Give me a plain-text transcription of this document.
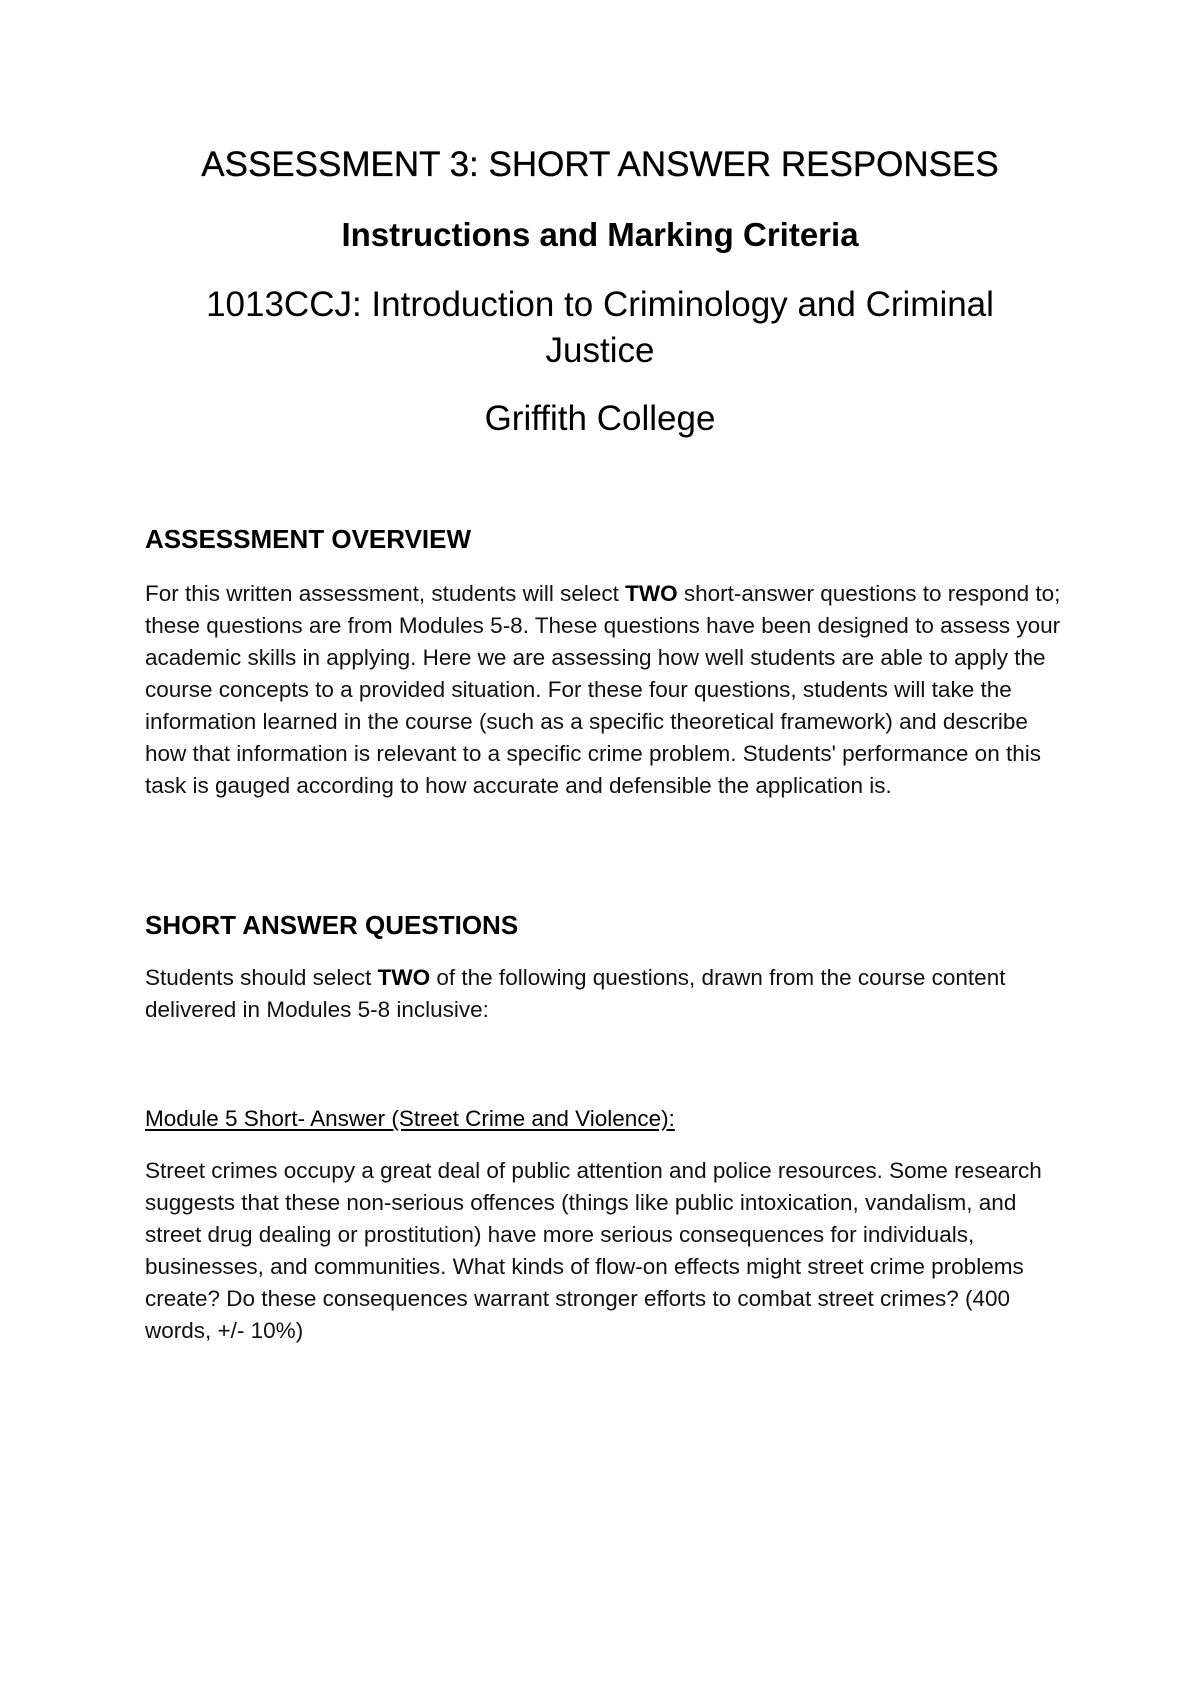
ASSESSMENT 3: SHORT ANSWER RESPONSES
Instructions and Marking Criteria

1013CCJ: Introduction to Criminology and Criminal Justice

Griffith College

ASSESSMENT OVERVIEW

For this written assessment, students will select TWO short-answer questions to respond to; these questions are from Modules 5-8. These questions have been designed to assess your academic skills in applying. Here we are assessing how well students are able to apply the course concepts to a provided situation. For these four questions, students will take the information learned in the course (such as a specific theoretical framework) and describe how that information is relevant to a specific crime problem. Students' performance on this task is gauged according to how accurate and defensible the application is.

SHORT ANSWER QUESTIONS

Students should select TWO of the following questions, drawn from the course content delivered in Modules 5-8 inclusive:

Module 5 Short- Answer (Street Crime and Violence):

Street crimes occupy a great deal of public attention and police resources. Some research suggests that these non-serious offences (things like public intoxication, vandalism, and street drug dealing or prostitution) have more serious consequences for individuals, businesses, and communities. What kinds of flow-on effects might street crime problems create? Do these consequences warrant stronger efforts to combat street crimes? (400 words, +/- 10%)
